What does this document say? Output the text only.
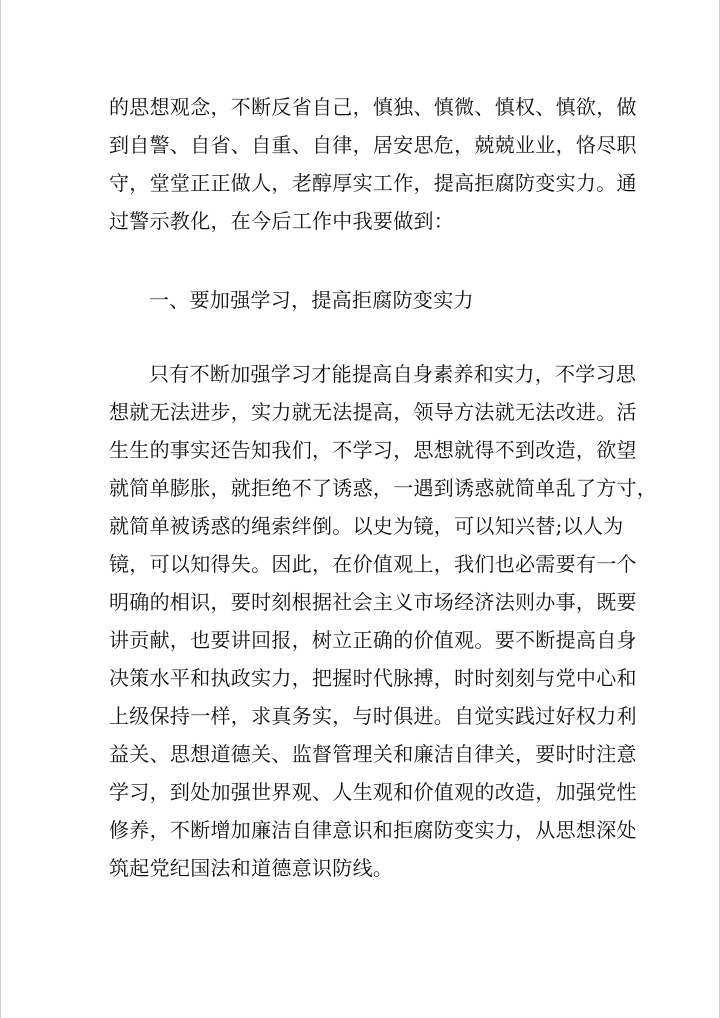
的思想观念，不断反省自己，慎独、慎微、慎权、慎欲，做
到自警、自省、自重、自律，居安思危，兢兢业业，恪尽职
守，堂堂正正做人，老醇厚实工作，提高拒腐防变实力。通
过警示教化，在今后工作中我要做到：
一、要加强学习，提高拒腐防变实力
只有不断加强学习才能提高自身素养和实力，不学习思
想就无法进步，实力就无法提高，领导方法就无法改进。活
生生的事实还告知我们，不学习，思想就得不到改造，欲望
就简单膨胀，就拒绝不了诱惑，一遇到诱惑就简单乱了方寸，
就简单被诱惑的绳索绊倒。以史为镜，可以知兴替;以人为
镜，可以知得失。因此，在价值观上，我们也必需要有一个
明确的相识，要时刻根据社会主义市场经济法则办事，既要
讲贡献，也要讲回报，树立正确的价值观。要不断提高自身
决策水平和执政实力，把握时代脉搏，时时刻刻与党中心和
上级保持一样，求真务实，与时俱进。自觉实践过好权力利
益关、思想道德关、监督管理关和廉洁自律关，要时时注意
学习，到处加强世界观、人生观和价值观的改造，加强党性
修养，不断增加廉洁自律意识和拒腐防变实力，从思想深处
筑起党纪国法和道德意识防线。
